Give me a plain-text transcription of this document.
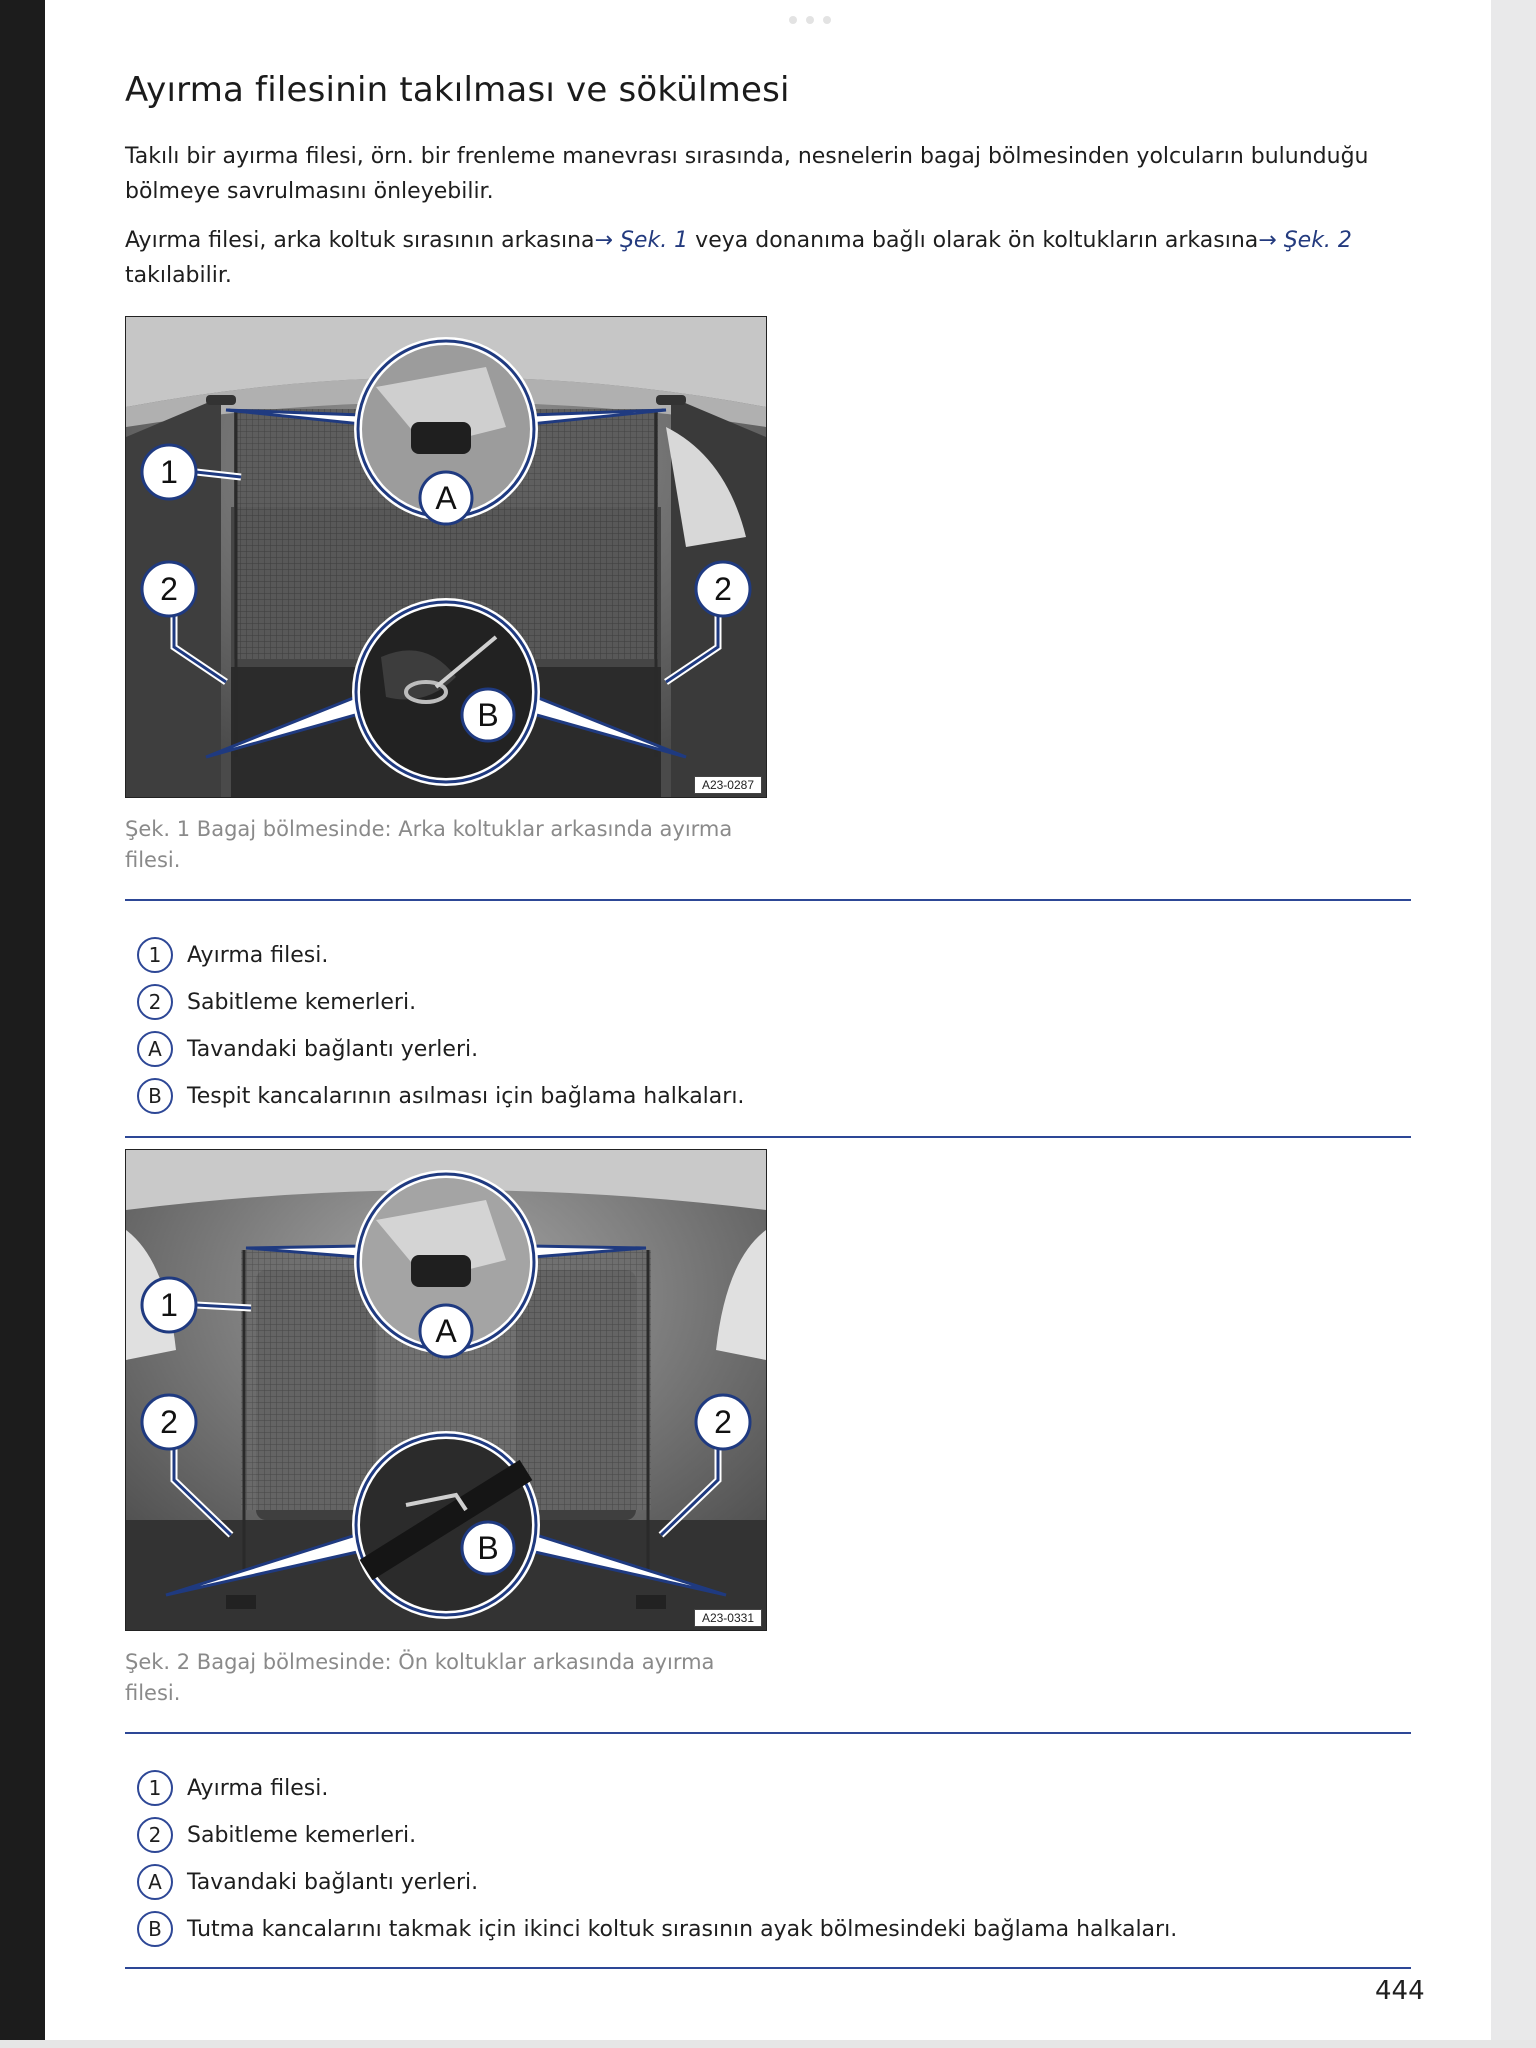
Ayırma filesinin takılması ve sökülmesi

Takılı bir ayırma filesi, örn. bir frenleme manevrası sırasında, nesnelerin bagaj bölmesinden yolcuların bulunduğu bölmeye savrulmasını önleyebilir.

Ayırma filesi, arka koltuk sırasının arkasına→ Şek. 1 veya donanıma bağlı olarak ön koltukların arkasına→ Şek. 2 takılabilir.

1
2	2
A
B
A23-0287

Şek. 1 Bagaj bölmesinde: Arka koltuklar arkasında ayırma filesi.

1	Ayırma filesi.
2	Sabitleme kemerleri.
A	Tavandaki bağlantı yerleri.
B	Tespit kancalarının asılması için bağlama halkaları.
1
2	2
A
B
A23-0331

Şek. 2 Bagaj bölmesinde: Ön koltuklar arkasında ayırma filesi.

1	Ayırma filesi.
2	Sabitleme kemerleri.
A	Tavandaki bağlantı yerleri.
B	Tutma kancalarını takmak için ikinci koltuk sırasının ayak bölmesindeki bağlama halkaları.

444
